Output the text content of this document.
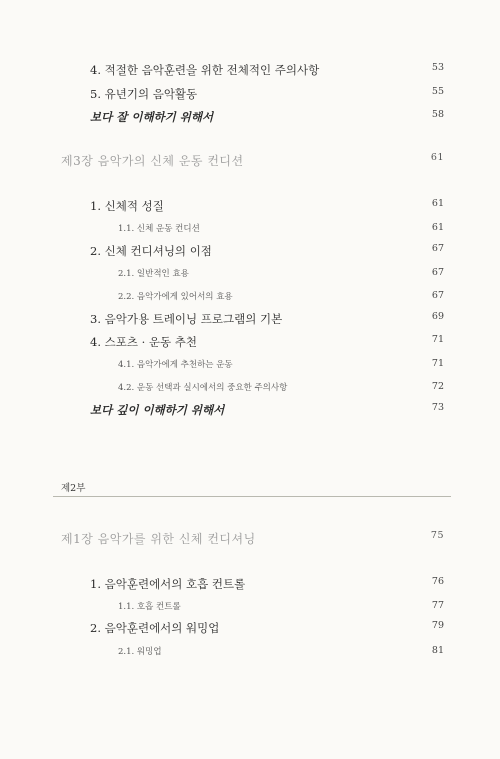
4. 적절한 음악훈련을 위한 전체적인 주의사항	53
5. 유년기의 음악활동	55
보다 잘 이해하기 위해서	58
제3장 음악가의 신체 운동 컨디션	61
1. 신체적 성질	61
1.1. 신체 운동 컨디션	61
2. 신체 컨디셔닝의 이점	67
2.1. 일반적인 효용	67
2.2. 음악가에게 있어서의 효용	67
3. 음악가용 트레이닝 프로그램의 기본	69
4. 스포츠 · 운동 추천	71
4.1. 음악가에게 추천하는 운동	71
4.2. 운동 선택과 실시에서의 중요한 주의사항	72
보다 깊이 이해하기 위해서	73
제2부
제1장 음악가를 위한 신체 컨디셔닝	75
1. 음악훈련에서의 호흡 컨트롤	76
1.1. 호흡 컨트롤	77
2. 음악훈련에서의 워밍업	79
2.1. 워밍업	81
